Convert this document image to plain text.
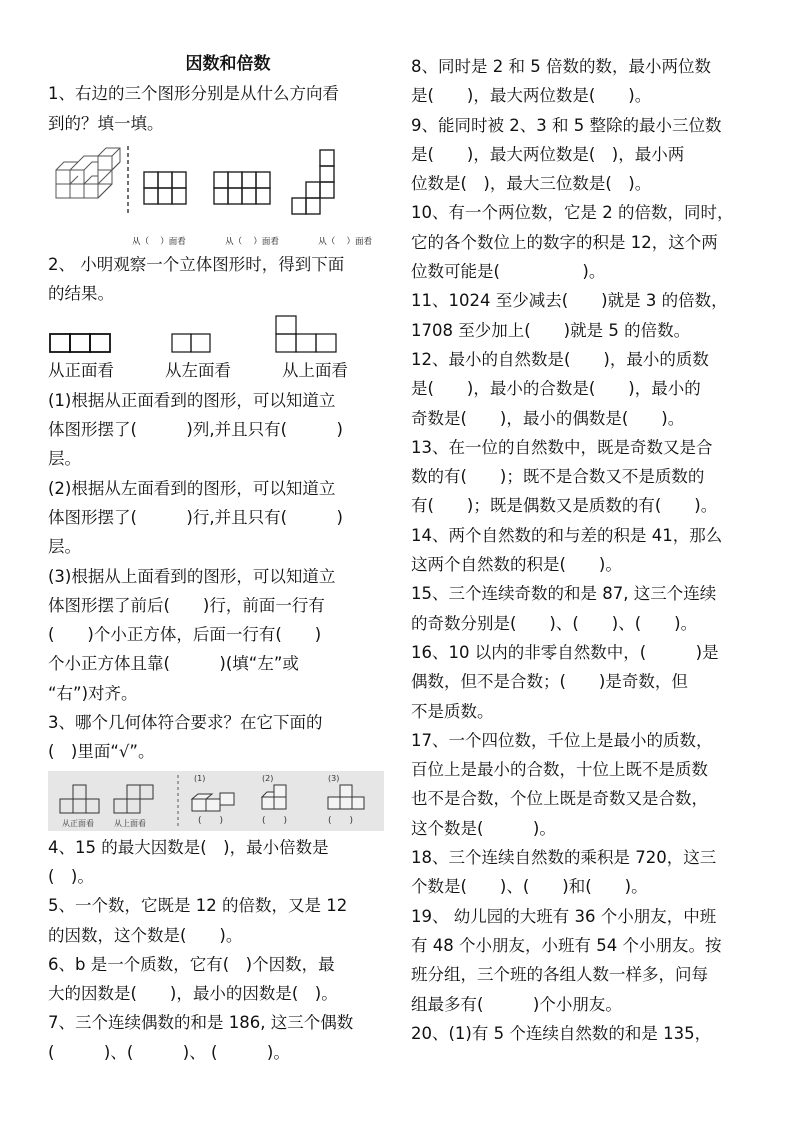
因数和倍数
1、右边的三个图形分别是从什么方向看
到的？填一填。
从（　 ）面看	从（　 ）面看	从（　 ）面看
2、 小明观察一个立体图形时，得到下面
的结果。
从正面看	从左面看	从上面看
(1)根据从正面看到的图形，可以知道立
体图形摆了(　　　)列,并且只有(　　　)
层。
(2)根据从左面看到的图形，可以知道立
体图形摆了(　　　)行,并且只有(　　　)
层。
(3)根据从上面看到的图形，可以知道立
体图形摆了前后(　　)行，前面一行有
(　　)个小正方体，后面一行有(　　)
个小正方体且靠(　　　)(填“左”或
“右”)对齐。
3、哪个几何体符合要求？在它下面的
(　)里面“√”。
(1)	(2)	(3)
从正面看	从上面看	(　　)	(　　)	(　　)
4、15 的最大因数是(　)，最小倍数是
(　)。
5、一个数，它既是 12 的倍数，又是 12
的因数，这个数是(　　)。
6、b 是一个质数，它有(　)个因数，最
大的因数是(　　)，最小的因数是(　)。
7、三个连续偶数的和是 186, 这三个偶数
(　　　)、(　　　)、 (　　　)。
8、同时是 2 和 5 倍数的数，最小两位数
是(　　)，最大两位数是(　　)。
9、能同时被 2、3 和 5 整除的最小三位数
是(　　)，最大两位数是(　)，最小两
位数是(　)，最大三位数是(　)。
10、有一个两位数，它是 2 的倍数，同时，
它的各个数位上的数字的积是 12，这个两
位数可能是(　　　　　)。
11、1024 至少减去(　　)就是 3 的倍数，
1708 至少加上(　　)就是 5 的倍数。
12、最小的自然数是(　　)，最小的质数
是(　　)，最小的合数是(　　)，最小的
奇数是(　　)，最小的偶数是(　　)。
13、在一位的自然数中，既是奇数又是合
数的有(　　)；既不是合数又不是质数的
有(　　)；既是偶数又是质数的有(　　)。
14、两个自然数的和与差的积是 41，那么
这两个自然数的积是(　　)。
15、三个连续奇数的和是 87, 这三个连续
的奇数分别是(　　)、(　　)、(　　)。
16、10 以内的非零自然数中，(　　　)是
偶数，但不是合数；(　　)是奇数，但
不是质数。
17、一个四位数，千位上是最小的质数，
百位上是最小的合数，十位上既不是质数
也不是合数，个位上既是奇数又是合数，
这个数是(　　　)。
18、三个连续自然数的乘积是 720，这三
个数是(　　)、(　　)和(　　)。
19、 幼儿园的大班有 36 个小朋友，中班
有 48 个小朋友，小班有 54 个小朋友。按
班分组，三个班的各组人数一样多，问每
组最多有(　　　)个小朋友。
20、(1)有 5 个连续自然数的和是 135，
